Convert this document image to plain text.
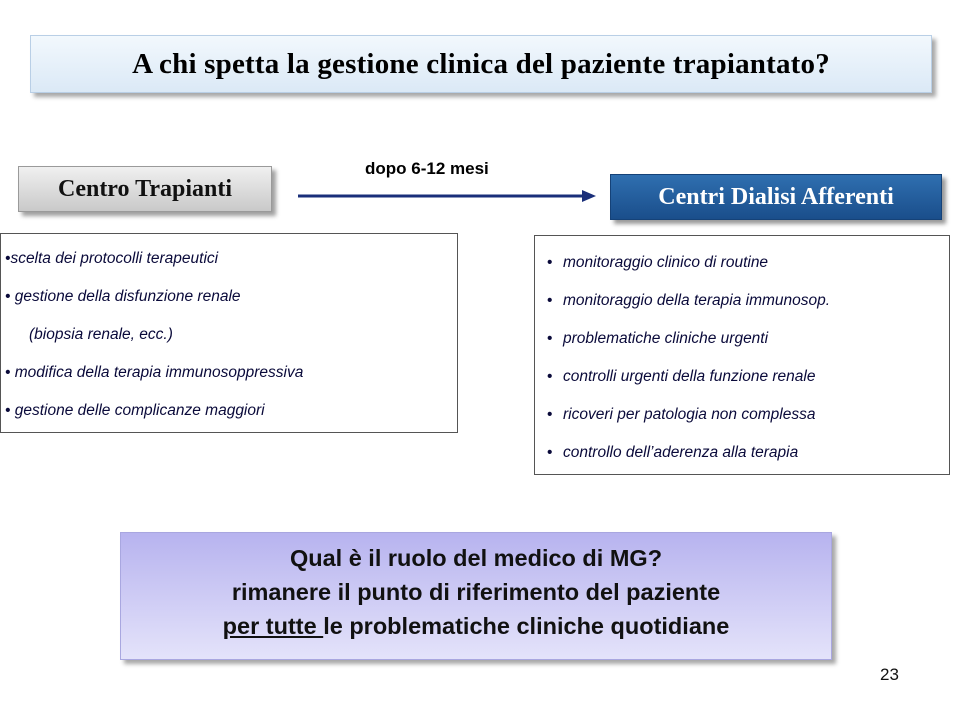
A chi spetta la gestione clinica del paziente trapiantato?
Centro Trapianti
dopo 6-12 mesi
Centri Dialisi Afferenti
•scelta dei protocolli terapeutici
• gestione della disfunzione renale
(biopsia renale, ecc.)
• modifica della terapia immunosoppressiva
• gestione delle complicanze maggiori
• monitoraggio clinico di routine
• monitoraggio della terapia immunosop.
• problematiche cliniche urgenti
• controlli urgenti della funzione renale
• ricoveri per patologia non complessa
• controllo dell’aderenza alla terapia
Qual è il ruolo del medico di MG?
rimanere il punto di riferimento del paziente
per tutte le problematiche cliniche quotidiane
23
